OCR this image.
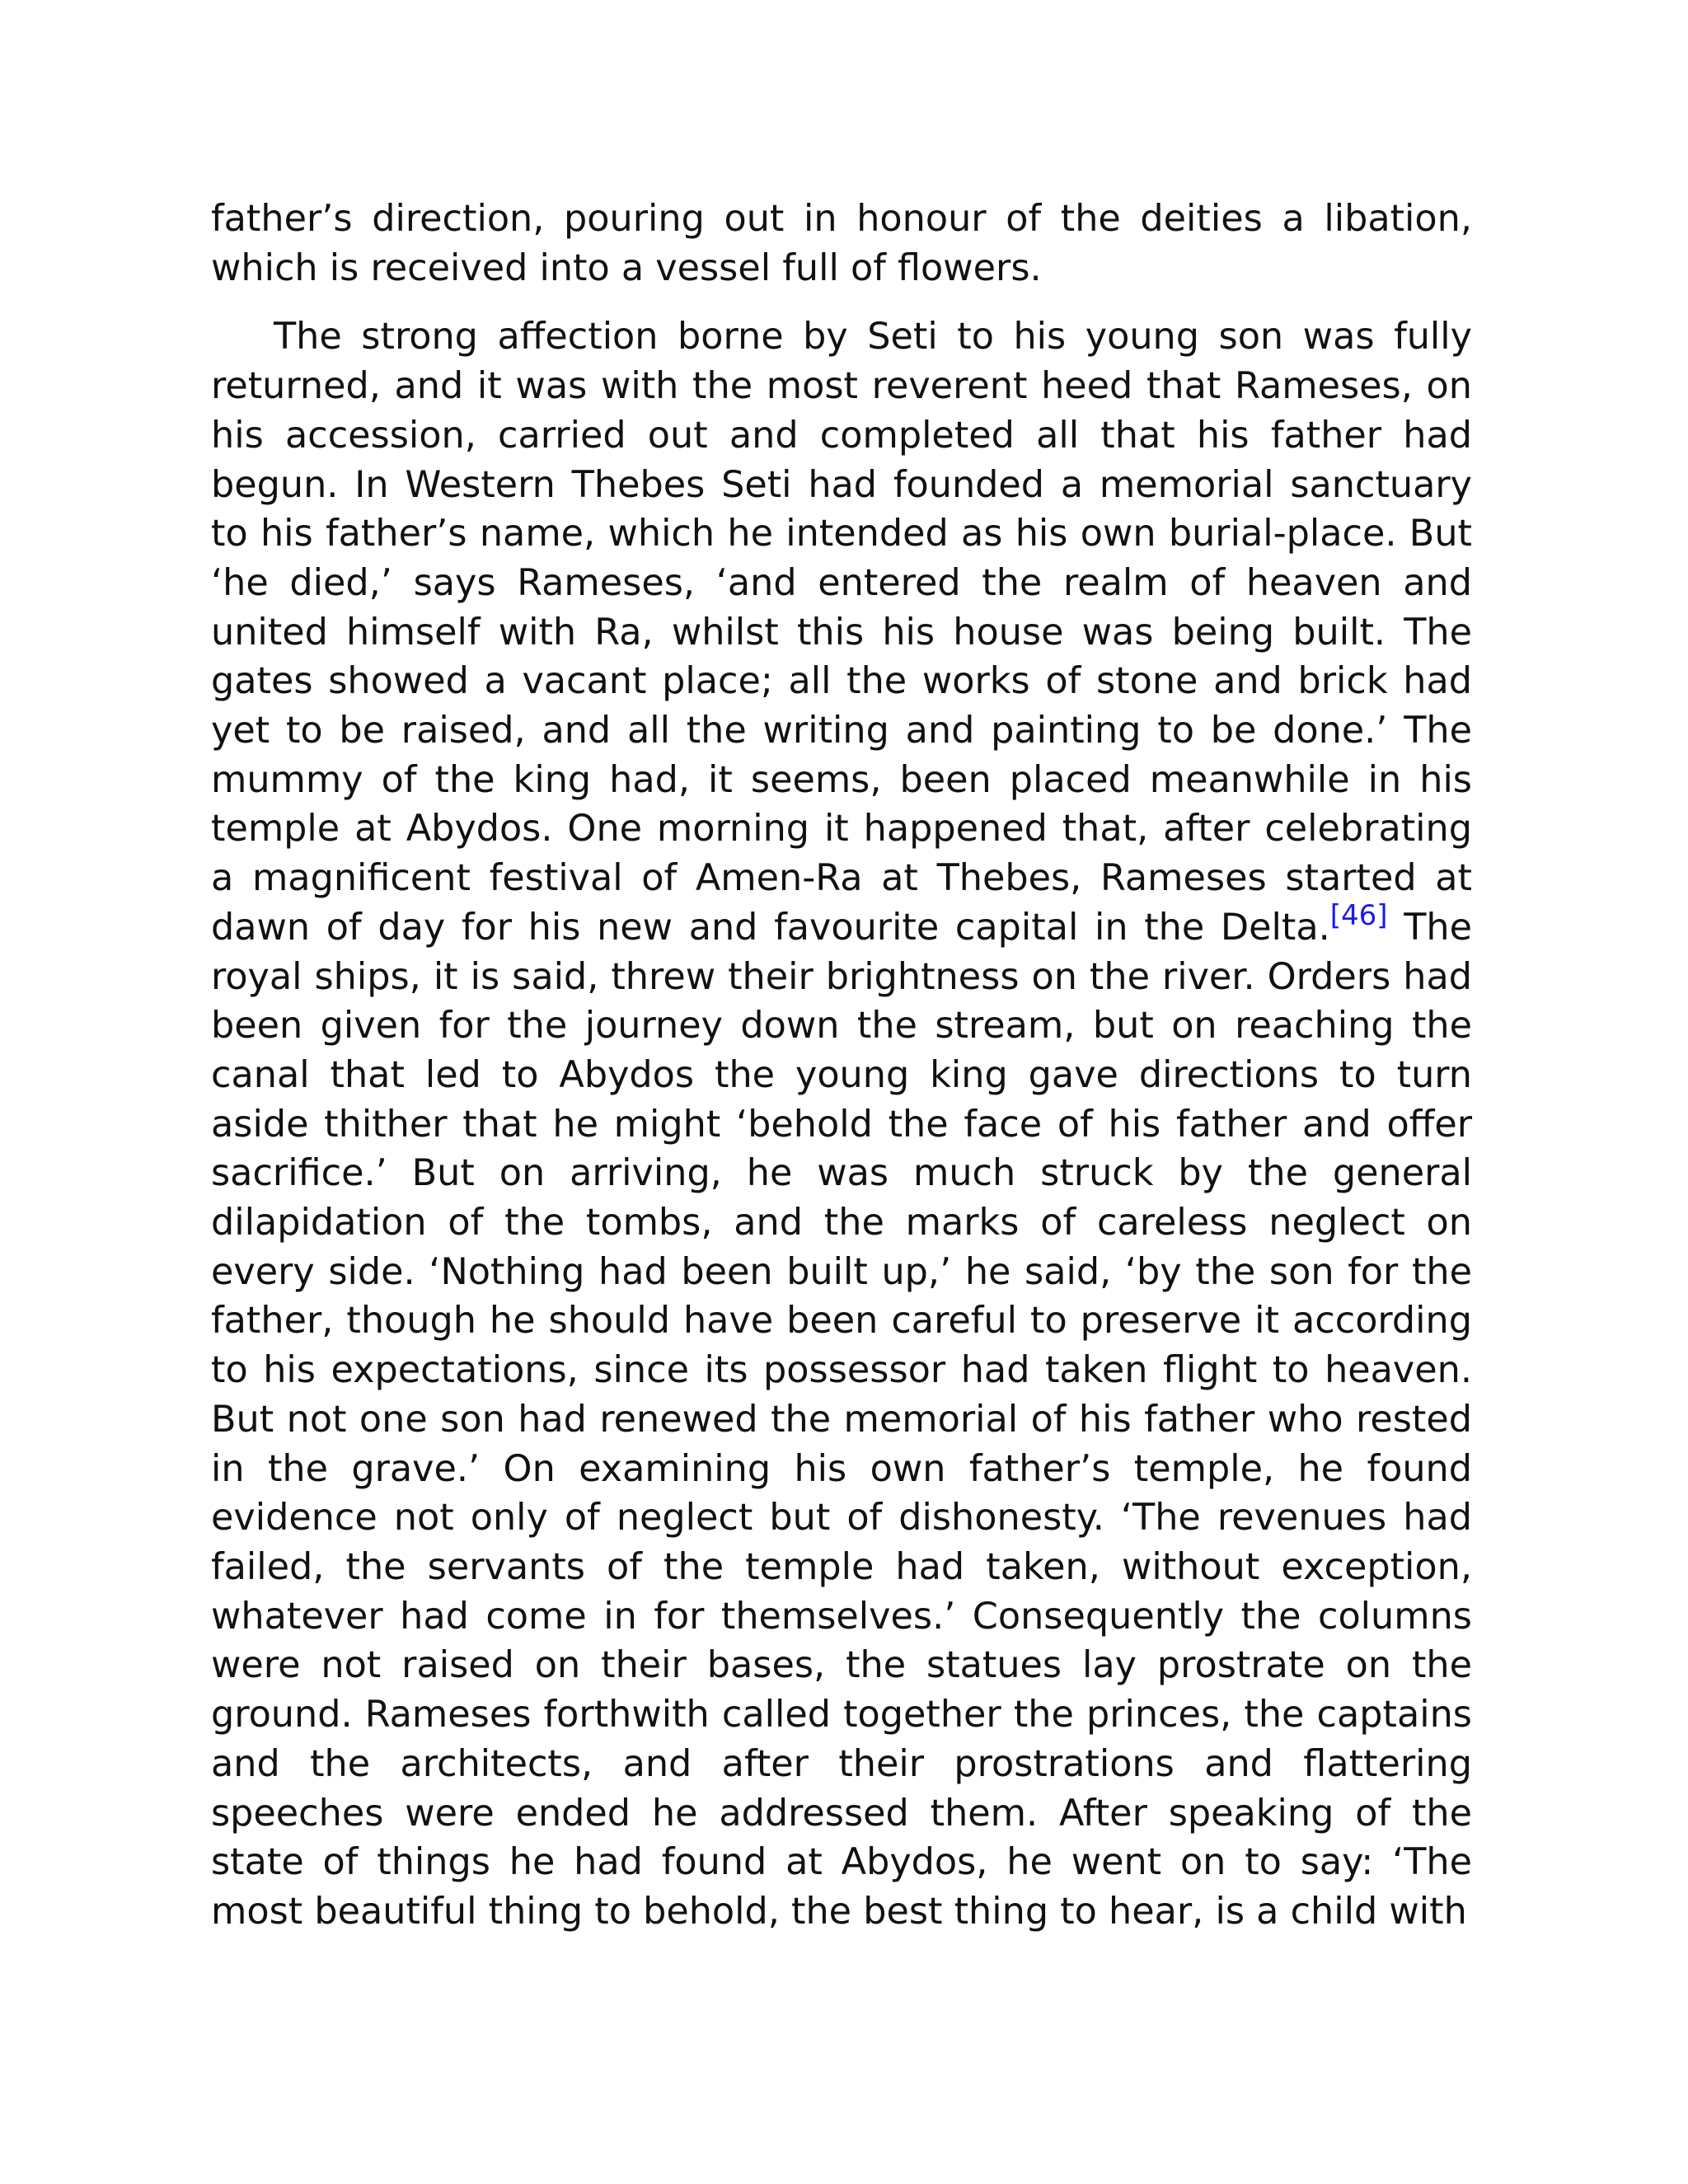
father’s direction, pouring out in honour of the deities a libation, which is received into a vessel full of flowers.

The strong affection borne by Seti to his young son was fully returned, and it was with the most reverent heed that Rameses, on his accession, carried out and completed all that his father had begun. In Western Thebes Seti had founded a memorial sanctuary to his father’s name, which he intended as his own burial-place. But ‘he died,’ says Rameses, ‘and entered the realm of heaven and united himself with Ra, whilst this his house was being built. The gates showed a vacant place; all the works of stone and brick had yet to be raised, and all the writing and painting to be done.’ The mummy of the king had, it seems, been placed meanwhile in his temple at Abydos. One morning it happened that, after celebrating a magnificent festival of Amen-Ra at Thebes, Rameses started at dawn of day for his new and favourite capital in the Delta.[46] The royal ships, it is said, threw their brightness on the river. Orders had been given for the journey down the stream, but on reaching the canal that led to Abydos the young king gave directions to turn aside thither that he might ‘behold the face of his father and offer sacrifice.’ But on arriving, he was much struck by the general dilapidation of the tombs, and the marks of careless neglect on every side. ‘Nothing had been built up,’ he said, ‘by the son for the father, though he should have been careful to preserve it according to his expectations, since its possessor had taken flight to heaven. But not one son had renewed the memorial of his father who rested in the grave.’ On examining his own father’s temple, he found evidence not only of neglect but of dishonesty. ‘The revenues had failed, the servants of the temple had taken, without exception, whatever had come in for themselves.’ Consequently the columns were not raised on their bases, the statues lay prostrate on the ground. Rameses forthwith called together the princes, the captains and the architects, and after their prostrations and flattering speeches were ended he addressed them. After speaking of the state of things he had found at Abydos, he went on to say: ‘The most beautiful thing to behold, the best thing to hear, is a child with
